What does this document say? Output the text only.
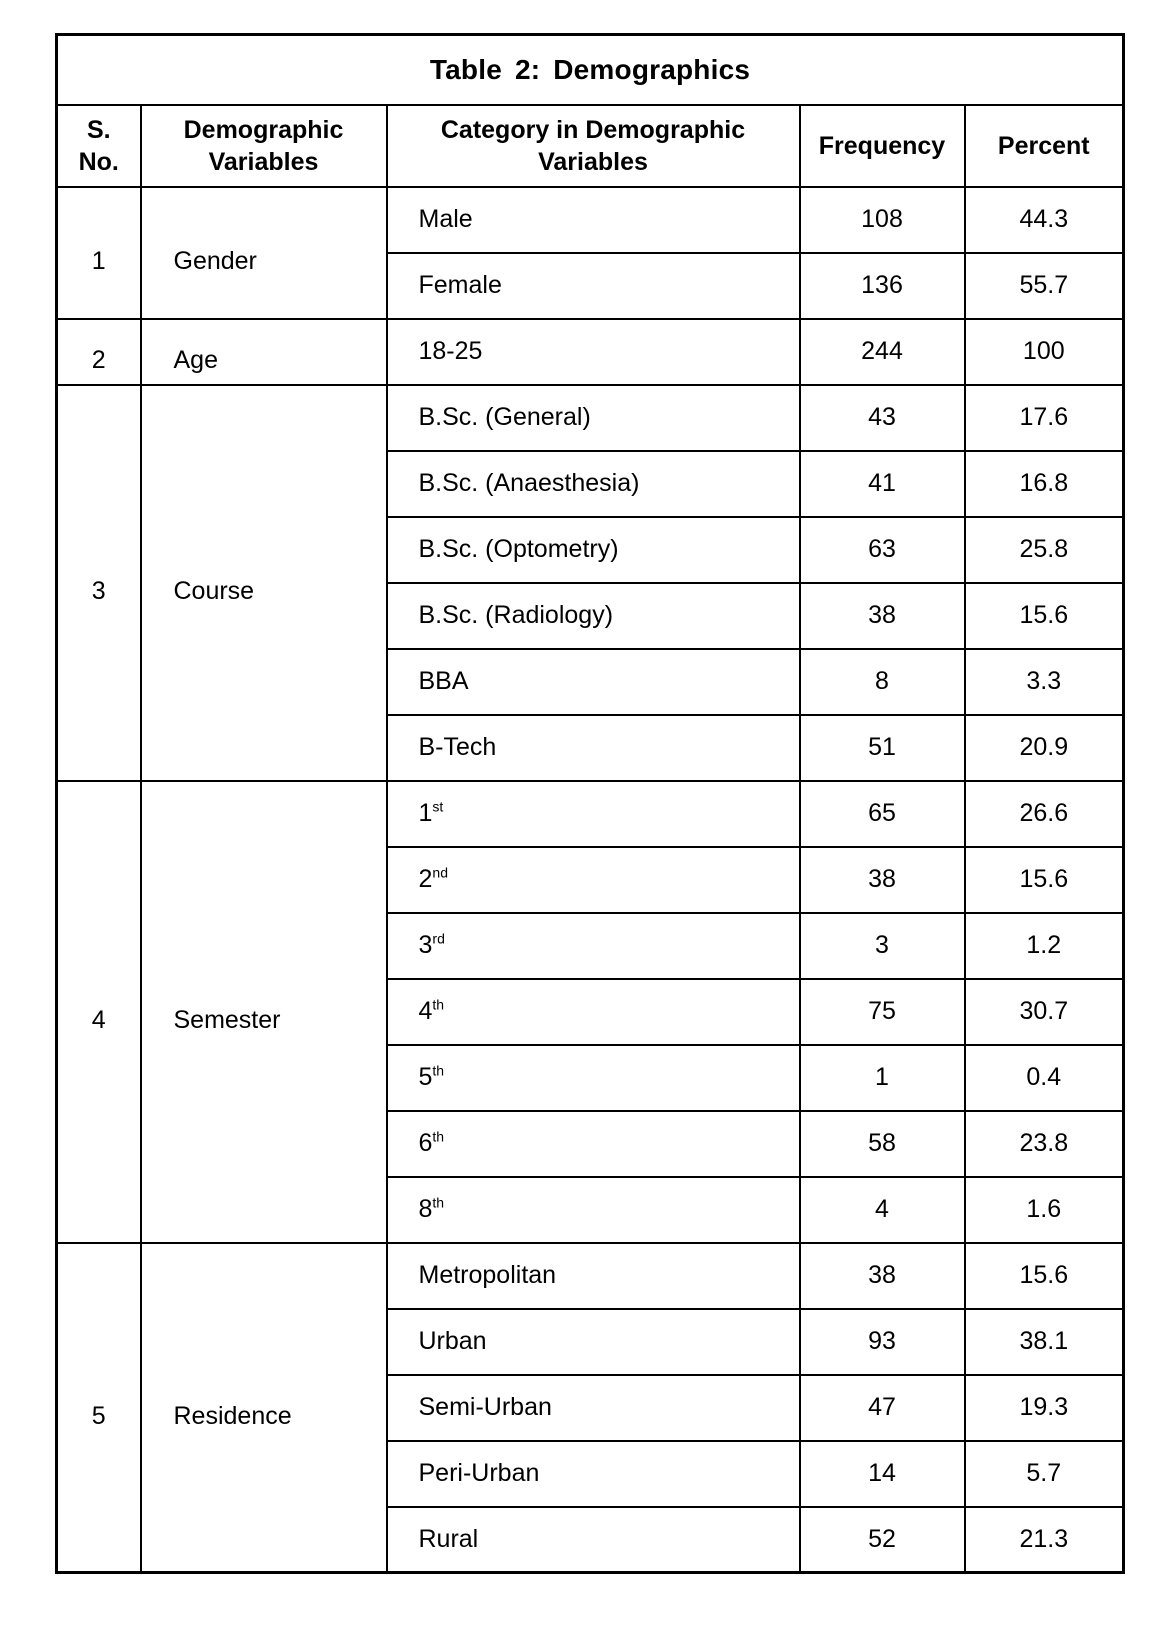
Table 2: Demographics				
S. No.	Demographic Variables	Category in Demographic Variables	Frequency	Percent
1	Gender	Male	108	44.3
		Female	136	55.7
2	Age	18-25	244	100
3	Course	B.Sc. (General)	43	17.6
		B.Sc. (Anaesthesia)	41	16.8
		B.Sc. (Optometry)	63	25.8
		B.Sc. (Radiology)	38	15.6
		BBA	8	3.3
		B-Tech	51	20.9
4	Semester	1st	65	26.6
		2nd	38	15.6
		3rd	3	1.2
		4th	75	30.7
		5th	1	0.4
		6th	58	23.8
		8th	4	1.6
5	Residence	Metropolitan	38	15.6
		Urban	93	38.1
		Semi-Urban	47	19.3
		Peri-Urban	14	5.7
		Rural	52	21.3
